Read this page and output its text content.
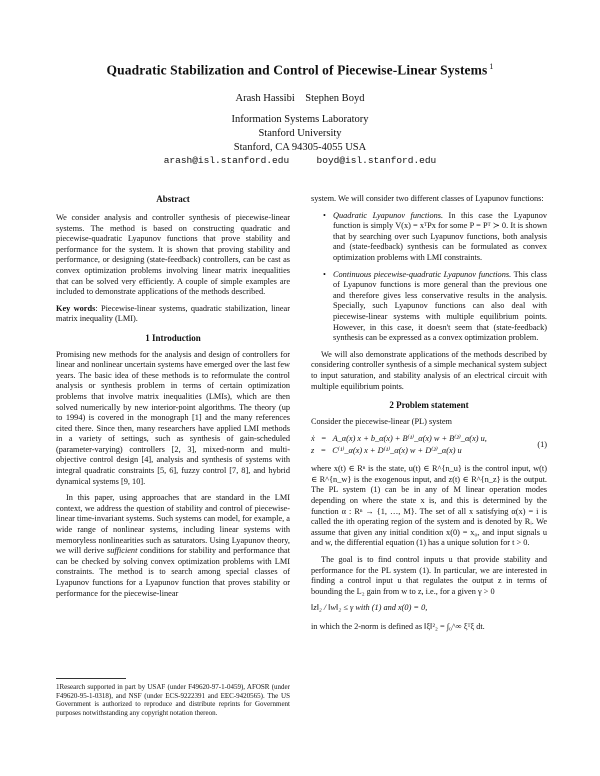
Quadratic Stabilization and Control of Piecewise-Linear Systems $^1$
Arash Hassibi    Stephen Boyd
Information Systems Laboratory
Stanford University
Stanford, CA 94305-4055 USA
arash@isl.stanford.edu  boyd@isl.stanford.edu
Abstract

We consider analysis and controller synthesis of piecewise-linear systems. The method is based on constructing quadratic and piecewise-quadratic Lyapunov functions that prove stability and performance for the system. It is shown that proving stability and performance, or designing (state-feedback) controllers, can be cast as convex optimization problems involving linear matrix inequalities that can be solved very efficiently. A couple of simple examples are included to demonstrate applications of the methods described.

Key words: Piecewise-linear systems, quadratic stabilization, linear matrix inequality (LMI).

1 Introduction

Promising new methods for the analysis and design of controllers for linear and nonlinear uncertain systems have emerged over the last few years. The basic idea of these methods is to reformulate the control analysis or synthesis problem in terms of certain optimization problems that involve matrix inequalities (LMIs), which are then solved numerically by new interior-point algorithms. The theory (up to 1994) is covered in the monograph [1] and the many references cited there. Since then, many researchers have applied LMI methods in a variety of settings, such as synthesis of gain-scheduled (parameter-varying) controllers [2, 3], mixed-norm and multi-objective control design [4], analysis and synthesis of systems with integral quadratic constraints [5, 6], fuzzy control [7, 8], and hybrid dynamical systems [9, 10].

In this paper, using approaches that are standard in the LMI context, we address the question of stability and control of piecewise-linear time-invariant systems. Such systems can model, for example, a wide range of nonlinear systems, including linear systems with memoryless nonlinearities such as saturators. Using Lyapunov theory, we will derive sufficient conditions for stability and performance that can be checked by solving convex optimization problems with LMI constraints. The method is to search among special classes of Lyapunov functions for a Lyapunov function that proves stability or performance for the piecewise-linear

1Research supported in part by USAF (under F49620-97-1-0459), AFOSR (under F49620-95-1-0318), and NSF (under ECS-9222391 and EEC-9420565). The US Government is authorized to reproduce and distribute reprints for Government purposes notwithstanding any copyright notation thereon.

system. We will consider two different classes of Lyapunov functions:

• Quadratic Lyapunov functions. In this case the Lyapunov function is simply V(x) = xᵀPx for some P = Pᵀ ≻ 0. It is shown that by searching over such Lyapunov functions, both analysis and (state-feedback) synthesis can be formulated as convex optimization problems with LMI constraints.
• Continuous piecewise-quadratic Lyapunov functions. This class of Lyapunov functions is more general than the previous one and therefore gives less conservative results in the analysis. Specially, such Lyapunov functions can also deal with piecewise-linear systems with multiple equilibrium points. However, in this case, it doesn't seem that (state-feedback) synthesis can be expressed as a convex optimization problem.

We will also demonstrate applications of the methods described by considering controller synthesis of a simple mechanical system subject to input saturation, and stability analysis of an electrical circuit with multiple equilibrium points.

2 Problem statement

Consider the piecewise-linear (PL) system

ẋ   =   A_α(x) x + b_α(x) + B⁽¹⁾_α(x) w + B⁽²⁾_α(x) u,
z   =   C⁽¹⁾_α(x) x + D⁽¹⁾_α(x) w + D⁽²⁾_α(x) u
(1)

where x(t) ∈ Rⁿ is the state, u(t) ∈ R^{n_u} is the control input, w(t) ∈ R^{n_w} is the exogenous input, and z(t) ∈ R^{n_z} is the output. The PL system (1) can be in any of M linear operation modes depending on where the state x is, and this is determined by the function α : Rⁿ → {1, …, M}. The set of all x satisfying α(x) = i is called the ith operating region of the system and is denoted by Rᵢ. We assume that given any initial condition x(0) = x₀, and input signals u and w, the differential equation (1) has a unique solution for t > 0.

The goal is to find control inputs u that provide stability and performance for the PL system (1). In particular, we are interested in finding a control input u that regulates the output z in terms of bounding the L₂ gain from w to z, i.e., for a given γ > 0

‖z‖₂ / ‖w‖₂ ≤ γ with (1) and x(0) = 0,

in which the 2-norm is defined as ‖ξ‖²₂ = ∫₀^∞ ξᵀξ dt.
